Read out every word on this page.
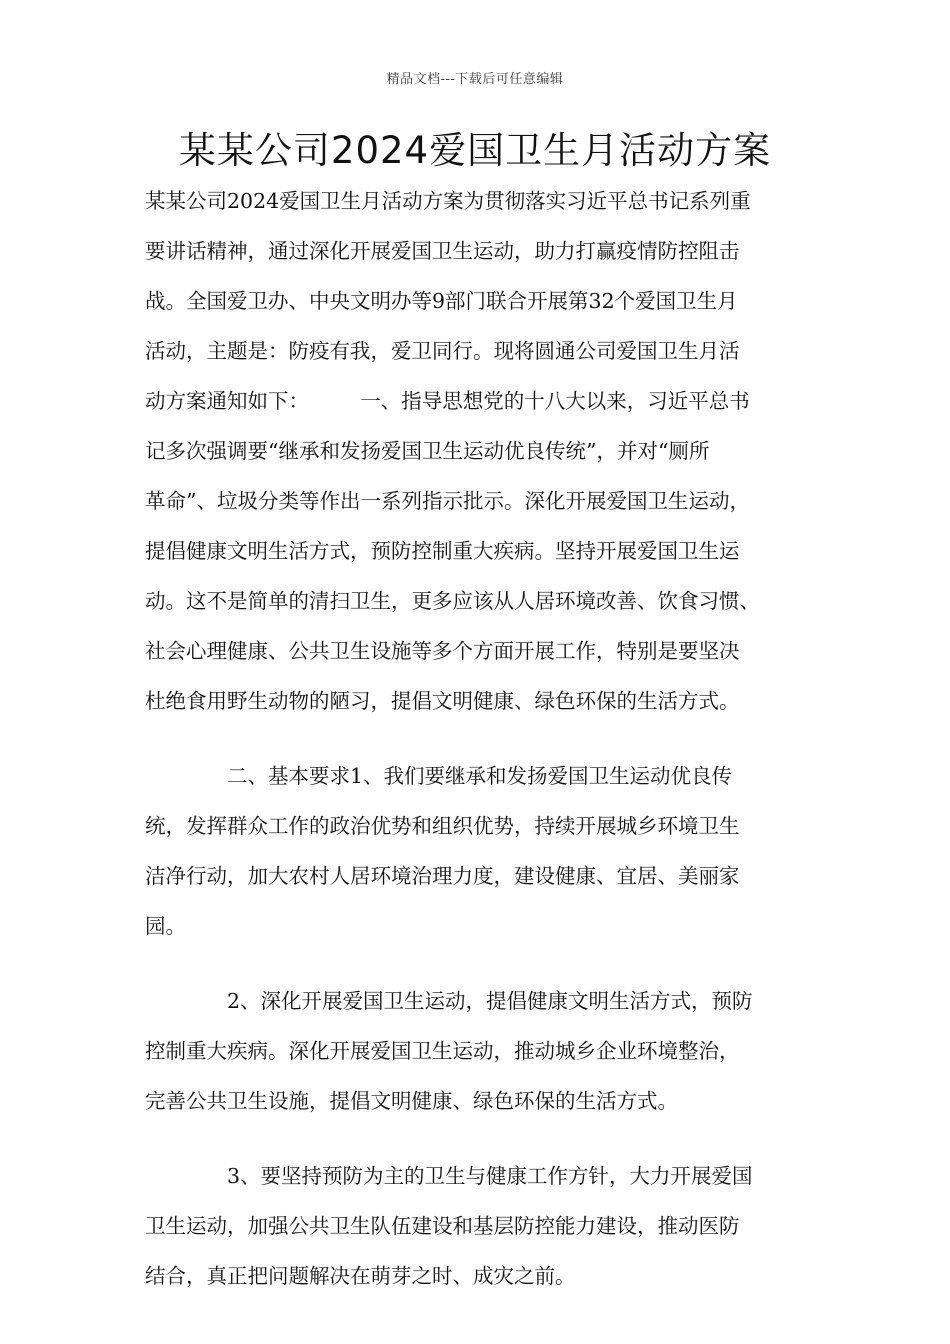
精品文档---下载后可任意编辑
某某公司2024爱国卫生月活动方案
某某公司2024爱国卫生月活动方案为贯彻落实习近平总书记系列重
要讲话精神，通过深化开展爱国卫生运动，助力打赢疫情防控阻击
战。全国爱卫办、中央文明办等9部门联合开展第32个爱国卫生月
活动，主题是：防疫有我，爱卫同行。现将圆通公司爱国卫生月活
动方案通知如下：　　　一、指导思想党的十八大以来，习近平总书
记多次强调要“继承和发扬爱国卫生运动优良传统”，并对“厕所
革命”、垃圾分类等作出一系列指示批示。深化开展爱国卫生运动，
提倡健康文明生活方式，预防控制重大疾病。坚持开展爱国卫生运
动。这不是简单的清扫卫生，更多应该从人居环境改善、饮食习惯、
社会心理健康、公共卫生设施等多个方面开展工作，特别是要坚决
杜绝食用野生动物的陋习，提倡文明健康、绿色环保的生活方式。
　　　　二、基本要求1、我们要继承和发扬爱国卫生运动优良传
统，发挥群众工作的政治优势和组织优势，持续开展城乡环境卫生
洁净行动，加大农村人居环境治理力度，建设健康、宜居、美丽家
园。
　　　　2、深化开展爱国卫生运动，提倡健康文明生活方式，预防
控制重大疾病。深化开展爱国卫生运动，推动城乡企业环境整治，
完善公共卫生设施，提倡文明健康、绿色环保的生活方式。
　　　　3、要坚持预防为主的卫生与健康工作方针，大力开展爱国
卫生运动，加强公共卫生队伍建设和基层防控能力建设，推动医防
结合，真正把问题解决在萌芽之时、成灾之前。
